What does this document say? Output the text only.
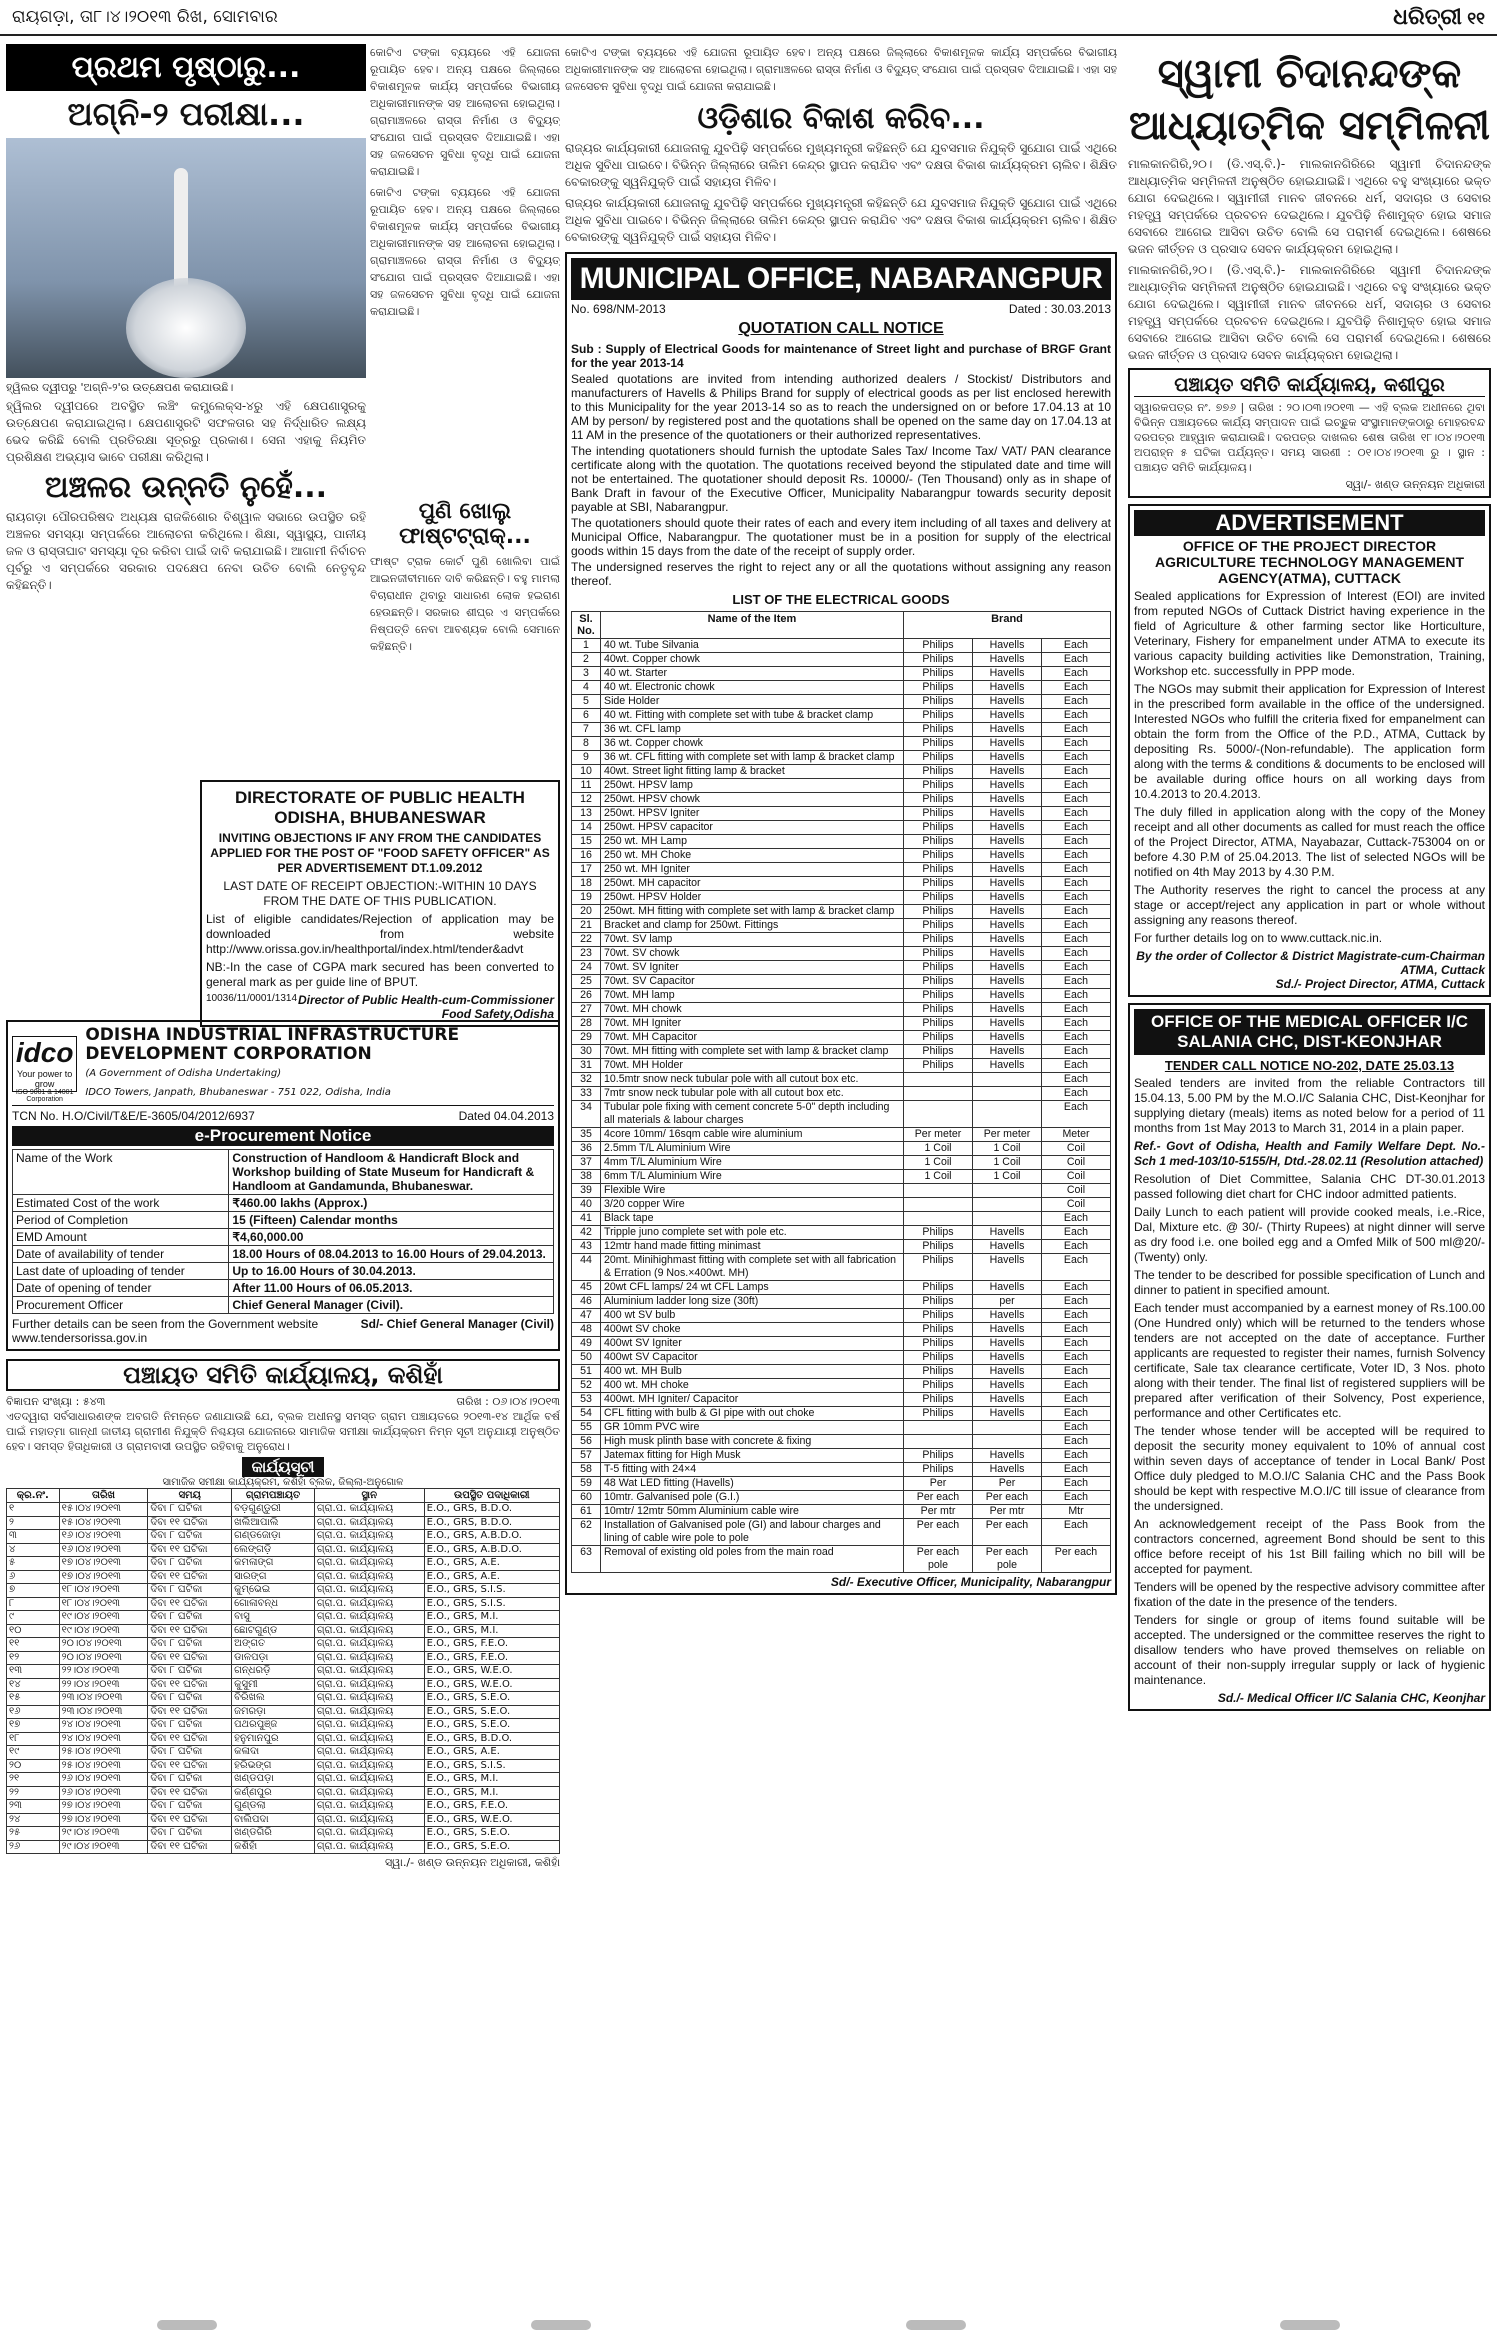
ରାୟଗଡ଼ା, ତା୮।୪।୨୦୧୩ ରିଖ, ସୋମବାର	ଧରିତ୍ରୀ ୧୧
ପ୍ରଥମ ପୃଷ୍ଠାରୁ...
ଅଗ୍ନି-୨ ପରୀକ୍ଷା...
ହ୍ୱିଲର ଦ୍ୱୀପରୁ 'ଅଗ୍ନି-୨'ର ଉତ୍କ୍ଷେପଣ କରାଯାଉଛି।

ହ୍ୱିଲର ଦ୍ୱୀପରେ ଅବସ୍ଥିତ ଲଞ୍ଚିଂ କମ୍ପ୍ଲେକ୍ସ-୪ରୁ ଏହି କ୍ଷେପଣାସ୍ତ୍ରକୁ ଉତ୍କ୍ଷେପଣ କରାଯାଇଥିଲା। କ୍ଷେପଣାସ୍ତ୍ରଟି ସଫଳତାର ସହ ନିର୍ଦ୍ଧାରିତ ଲକ୍ଷ୍ୟ ଭେଦ କରିଛି ବୋଲି ପ୍ରତିରକ୍ଷା ସୂତ୍ରରୁ ପ୍ରକାଶ। ସେନା ଏହାକୁ ନିୟମିତ ପ୍ରଶିକ୍ଷଣ ଅଭ୍ୟାସ ଭାବେ ପରୀକ୍ଷା କରିଥିଲା।

ଅଞ୍ଚଳର ଉନ୍ନତି ନୁହେଁ...

ରାୟଗଡ଼ା ପୌରପରିଷଦ ଅଧ୍ୟକ୍ଷ ରାଜକିଶୋର ବିଶ୍ୱାଳ ସଭାରେ ଉପସ୍ଥିତ ରହି ଅଞ୍ଚଳର ସମସ୍ୟା ସମ୍ପର୍କରେ ଆଲୋଚନା କରିଥିଲେ। ଶିକ୍ଷା, ସ୍ୱାସ୍ଥ୍ୟ, ପାନୀୟ ଜଳ ଓ ରାସ୍ତାଘାଟ ସମସ୍ୟା ଦୂର କରିବା ପାଇଁ ଦାବି କରାଯାଇଛି। ଆଗାମୀ ନିର୍ବାଚନ ପୂର୍ବରୁ ଏ ସମ୍ପର୍କରେ ସରକାର ପଦକ୍ଷେପ ନେବା ଉଚିତ ବୋଲି ନେତୃବୃନ୍ଦ କହିଛନ୍ତି।

କୋଟିଏ ଟଙ୍କା ବ୍ୟୟରେ ଏହି ଯୋଜନା ରୂପାୟିତ ହେବ। ଅନ୍ୟ ପକ୍ଷରେ ଜିଲ୍ଲାରେ ବିକାଶମୂଳକ କାର୍ଯ୍ୟ ସମ୍ପର୍କରେ ବିଭାଗୀୟ ଅଧିକାରୀମାନଙ୍କ ସହ ଆଲୋଚନା ହୋଇଥିଲା। ଗ୍ରାମାଞ୍ଚଳରେ ରାସ୍ତା ନିର୍ମାଣ ଓ ବିଦ୍ୟୁତ୍ ସଂଯୋଗ ପାଇଁ ପ୍ରସ୍ତାବ ଦିଆଯାଇଛି। ଏହା ସହ ଜଳସେଚନ ସୁବିଧା ବୃଦ୍ଧି ପାଇଁ ଯୋଜନା କରାଯାଇଛି।

କୋଟିଏ ଟଙ୍କା ବ୍ୟୟରେ ଏହି ଯୋଜନା ରୂପାୟିତ ହେବ। ଅନ୍ୟ ପକ୍ଷରେ ଜିଲ୍ଲାରେ ବିକାଶମୂଳକ କାର୍ଯ୍ୟ ସମ୍ପର୍କରେ ବିଭାଗୀୟ ଅଧିକାରୀମାନଙ୍କ ସହ ଆଲୋଚନା ହୋଇଥିଲା। ଗ୍ରାମାଞ୍ଚଳରେ ରାସ୍ତା ନିର୍ମାଣ ଓ ବିଦ୍ୟୁତ୍ ସଂଯୋଗ ପାଇଁ ପ୍ରସ୍ତାବ ଦିଆଯାଇଛି। ଏହା ସହ ଜଳସେଚନ ସୁବିଧା ବୃଦ୍ଧି ପାଇଁ ଯୋଜନା କରାଯାଇଛି।

ପୁଣି ଖୋଲୁ ଫାଷ୍ଟଟ୍ରାକ୍...

ଫାଷ୍ଟ ଟ୍ରାକ କୋର୍ଟ ପୁଣି ଖୋଲିବା ପାଇଁ ଆଇନଜୀବୀମାନେ ଦାବି କରିଛନ୍ତି। ବହୁ ମାମଲା ବିଚାରାଧୀନ ଥିବାରୁ ସାଧାରଣ ଲୋକ ହଇରାଣ ହେଉଛନ୍ତି। ସରକାର ଶୀଘ୍ର ଏ ସମ୍ପର୍କରେ ନିଷ୍ପତ୍ତି ନେବା ଆବଶ୍ୟକ ବୋଲି ସେମାନେ କହିଛନ୍ତି।

DIRECTORATE OF PUBLIC HEALTH ODISHA, BHUBANESWAR

INVITING OBJECTIONS IF ANY FROM THE CANDIDATES APPLIED FOR THE POST OF "FOOD SAFETY OFFICER" AS PER ADVERTISEMENT DT.1.09.2012

LAST DATE OF RECEIPT OBJECTION:-WITHIN 10 DAYS FROM THE DATE OF THIS PUBLICATION.

List of eligible candidates/Rejection of application may be downloaded from website http://www.orissa.gov.in/healthportal/index.html/tender&advt

NB:-In the case of CGPA mark secured has been converted to general mark as per guide line of BPUT.

10036/11/0001/1314 Director of Public Health-cum-Commissioner
Food Safety,Odisha
idco
Your power to grow
ISO 9001 & 14001 Corporation
ODISHA INDUSTRIAL INFRASTRUCTURE DEVELOPMENT CORPORATION
(A Government of Odisha Undertaking)
IDCO Towers, Janpath, Bhubaneswar - 751 022, Odisha, India
TCN No. H.O/Civil/T&E/E-3605/04/2012/6937	Dated 04.04.2013
e-Procurement Notice
Name of the Work	Construction of Handloom & Handicraft Block and Workshop building of State Museum for Handicraft & Handloom at Gandamunda, Bhubaneswar.
Estimated Cost of the work	₹460.00 lakhs (Approx.)
Period of Completion	15 (Fifteen) Calendar months
EMD Amount	₹4,60,000.00
Date of availability of tender	18.00 Hours of 08.04.2013 to 16.00 Hours of 29.04.2013.
Last date of uploading of tender	Up to 16.00 Hours of 30.04.2013.
Date of opening of tender	After 11.00 Hours of 06.05.2013.
Procurement Officer	Chief General Manager (Civil).
Further details can be seen from the Government website www.tendersorissa.gov.in
Sd/- Chief General Manager (Civil)
ପଞ୍ଚାୟତ ସମିତି କାର୍ଯ୍ୟାଳୟ, କଶିହାଁ
ବିଜ୍ଞାପନ ସଂଖ୍ୟା : ୫୪୩	ତାରିଖ : ୦୬।୦୪।୨୦୧୩

ଏତଦ୍ୱାରା ସର୍ବସାଧାରଣଙ୍କ ଅବଗତି ନିମନ୍ତେ ଜଣାଯାଉଛି ଯେ, ବ୍ଲକ ଅଧୀନସ୍ଥ ସମସ୍ତ ଗ୍ରାମ ପଞ୍ଚାୟତରେ ୨୦୧୩-୧୪ ଆର୍ଥିକ ବର୍ଷ ପାଇଁ ମହାତ୍ମା ଗାନ୍ଧୀ ଜାତୀୟ ଗ୍ରାମୀଣ ନିଯୁକ୍ତି ନିଶ୍ଚୟତା ଯୋଜନାରେ ସାମାଜିକ ସମୀକ୍ଷା କାର୍ଯ୍ୟକ୍ରମ ନିମ୍ନ ସୂଚୀ ଅନୁଯାୟୀ ଅନୁଷ୍ଠିତ ହେବ। ସମସ୍ତ ହିତାଧିକାରୀ ଓ ଗ୍ରାମବାସୀ ଉପସ୍ଥିତ ରହିବାକୁ ଅନୁରୋଧ।

କାର୍ଯ୍ୟସୂଚୀ
ସାମାଜିକ ସମୀକ୍ଷା କାର୍ଯ୍ୟକ୍ରମ, କଶିହାଁ ବ୍ଲକ, ଜିଲ୍ଲା-ଅନୁଗୋଳ
କ୍ର.ନଂ.	ତାରିଖ	ସମୟ	ଗ୍ରାମପଞ୍ଚାୟତ	ସ୍ଥାନ	ଉପସ୍ଥିତ ପଦାଧିକାରୀ
୧	୧୫।୦୪।୨୦୧୩	ଦିବା ୮ ଘଟିକା	ବଡ଼ଗୁଣ୍ଡୁରୀ	ଗ୍ରା.ପ. କାର୍ଯ୍ୟାଳୟ	E.O., GRS, B.D.O.
୨	୧୫।୦୪।୨୦୧୩	ଦିବା ୧୧ ଘଟିକା	ଖଲିଆପାଲି	ଗ୍ରା.ପ. କାର୍ଯ୍ୟାଳୟ	E.O., GRS, B.D.O.
୩	୧୬।୦୪।୨୦୧୩	ଦିବା ୮ ଘଟିକା	ଗଣ୍ଡଜୋଡ଼ା	ଗ୍ରା.ପ. କାର୍ଯ୍ୟାଳୟ	E.O., GRS, A.B.D.O.
୪	୧୬।୦୪।୨୦୧୩	ଦିବା ୧୧ ଘଟିକା	ଲେଙ୍ଗଡ଼ି	ଗ୍ରା.ପ. କାର୍ଯ୍ୟାଳୟ	E.O., GRS, A.B.D.O.
୫	୧୭।୦୪।୨୦୧୩	ଦିବା ୮ ଘଟିକା	କମଳାଙ୍ଗ	ଗ୍ରା.ପ. କାର୍ଯ୍ୟାଳୟ	E.O., GRS, A.E.
୬	୧୭।୦୪।୨୦୧୩	ଦିବା ୧୧ ଘଟିକା	ସାରଙ୍ଗ	ଗ୍ରା.ପ. କାର୍ଯ୍ୟାଳୟ	E.O., GRS, A.E.
୭	୧୮।୦୪।୨୦୧୩	ଦିବା ୮ ଘଟିକା	କୁମ୍ଭେଇ	ଗ୍ରା.ପ. କାର୍ଯ୍ୟାଳୟ	E.O., GRS, S.I.S.
୮	୧୮।୦୪।୨୦୧୩	ଦିବା ୧୧ ଘଟିକା	ଗୋଳାବନ୍ଧ	ଗ୍ରା.ପ. କାର୍ଯ୍ୟାଳୟ	E.O., GRS, S.I.S.
୯	୧୯।୦୪।୨୦୧୩	ଦିବା ୮ ଘଟିକା	ବାସୁ	ଗ୍ରା.ପ. କାର୍ଯ୍ୟାଳୟ	E.O., GRS, M.I.
୧୦	୧୯।୦୪।୨୦୧୩	ଦିବା ୧୧ ଘଟିକା	ଛୋଟଗୁଣ୍ଡ	ଗ୍ରା.ପ. କାର୍ଯ୍ୟାଳୟ	E.O., GRS, M.I.
୧୧	୨୦।୦୪।୨୦୧୩	ଦିବା ୮ ଘଟିକା	ଅଙ୍ଗତ	ଗ୍ରା.ପ. କାର୍ଯ୍ୟାଳୟ	E.O., GRS, F.E.O.
୧୨	୨୦।୦୪।୨୦୧୩	ଦିବା ୧୧ ଘଟିକା	ଡାଳପଡ଼ା	ଗ୍ରା.ପ. କାର୍ଯ୍ୟାଳୟ	E.O., GRS, F.E.O.
୧୩	୨୨।୦୪।୨୦୧୩	ଦିବା ୮ ଘଟିକା	ଗନ୍ଧରଡ଼ି	ଗ୍ରା.ପ. କାର୍ଯ୍ୟାଳୟ	E.O., GRS, W.E.O.
୧୪	୨୨।୦୪।୨୦୧୩	ଦିବା ୧୧ ଘଟିକା	କୁସୁମୀ	ଗ୍ରା.ପ. କାର୍ଯ୍ୟାଳୟ	E.O., GRS, W.E.O.
୧୫	୨୩।୦୪।୨୦୧୩	ଦିବା ୮ ଘଟିକା	ବିରିଖଲ	ଗ୍ରା.ପ. କାର୍ଯ୍ୟାଳୟ	E.O., GRS, S.E.O.
୧୬	୨୩।୦୪।୨୦୧୩	ଦିବା ୧୧ ଘଟିକା	ଜମରଡ଼ା	ଗ୍ରା.ପ. କାର୍ଯ୍ୟାଳୟ	E.O., GRS, S.E.O.
୧୭	୨୪।୦୪।୨୦୧୩	ଦିବା ୮ ଘଟିକା	ପଥରପୁଞ୍ଜ	ଗ୍ରା.ପ. କାର୍ଯ୍ୟାଳୟ	E.O., GRS, S.E.O.
୧୮	୨୪।୦୪।୨୦୧୩	ଦିବା ୧୧ ଘଟିକା	ହନୁମାନପୁର	ଗ୍ରା.ପ. କାର୍ଯ୍ୟାଳୟ	E.O., GRS, B.D.O.
୧୯	୨୫।୦୪।୨୦୧୩	ଦିବା ୮ ଘଟିକା	କଳାଦା	ଗ୍ରା.ପ. କାର୍ଯ୍ୟାଳୟ	E.O., GRS, A.E.
୨୦	୨୫।୦୪।୨୦୧୩	ଦିବା ୧୧ ଘଟିକା	ହରିଭଙ୍ଗ	ଗ୍ରା.ପ. କାର୍ଯ୍ୟାଳୟ	E.O., GRS, S.I.S.
୨୧	୨୬।୦୪।୨୦୧୩	ଦିବା ୮ ଘଟିକା	ଖଣ୍ଡପଡ଼ା	ଗ୍ରା.ପ. କାର୍ଯ୍ୟାଳୟ	E.O., GRS, M.I.
୨୨	୨୬।୦୪।୨୦୧୩	ଦିବା ୧୧ ଘଟିକା	କର୍ଣ୍ଣପୁର	ଗ୍ରା.ପ. କାର୍ଯ୍ୟାଳୟ	E.O., GRS, M.I.
୨୩	୨୭।୦୪।୨୦୧୩	ଦିବା ୮ ଘଟିକା	ଗୁଣ୍ଡଲା	ଗ୍ରା.ପ. କାର୍ଯ୍ୟାଳୟ	E.O., GRS, F.E.O.
୨୪	୨୭।୦୪।୨୦୧୩	ଦିବା ୧୧ ଘଟିକା	ବାଲିପଦା	ଗ୍ରା.ପ. କାର୍ଯ୍ୟାଳୟ	E.O., GRS, W.E.O.
୨୫	୨୯।୦୪।୨୦୧୩	ଦିବା ୮ ଘଟିକା	ଖଣ୍ଡଗିରି	ଗ୍ରା.ପ. କାର୍ଯ୍ୟାଳୟ	E.O., GRS, S.E.O.
୨୬	୨୯।୦୪।୨୦୧୩	ଦିବା ୧୧ ଘଟିକା	କଶିହାଁ	ଗ୍ରା.ପ. କାର୍ଯ୍ୟାଳୟ	E.O., GRS, S.E.O.
ସ୍ୱା./- ଖଣ୍ଡ ଉନ୍ନୟନ ଅଧିକାରୀ, କଶିହାଁ

କୋଟିଏ ଟଙ୍କା ବ୍ୟୟରେ ଏହି ଯୋଜନା ରୂପାୟିତ ହେବ। ଅନ୍ୟ ପକ୍ଷରେ ଜିଲ୍ଲାରେ ବିକାଶମୂଳକ କାର୍ଯ୍ୟ ସମ୍ପର୍କରେ ବିଭାଗୀୟ ଅଧିକାରୀମାନଙ୍କ ସହ ଆଲୋଚନା ହୋଇଥିଲା। ଗ୍ରାମାଞ୍ଚଳରେ ରାସ୍ତା ନିର୍ମାଣ ଓ ବିଦ୍ୟୁତ୍ ସଂଯୋଗ ପାଇଁ ପ୍ରସ୍ତାବ ଦିଆଯାଇଛି। ଏହା ସହ ଜଳସେଚନ ସୁବିଧା ବୃଦ୍ଧି ପାଇଁ ଯୋଜନା କରାଯାଇଛି।

ଓଡ଼ିଶାର ବିକାଶ କରିବ...

ରାଜ୍ୟର କାର୍ଯ୍ୟକାରୀ ଯୋଜନାକୁ ଯୁବପିଢ଼ି ସମ୍ପର୍କରେ ମୁଖ୍ୟମନ୍ତ୍ରୀ କହିଛନ୍ତି ଯେ ଯୁବସମାଜ ନିଯୁକ୍ତି ସୁଯୋଗ ପାଇଁ ଏଥିରେ ଅଧିକ ସୁବିଧା ପାଇବେ। ବିଭିନ୍ନ ଜିଲ୍ଲାରେ ତାଲିମ କେନ୍ଦ୍ର ସ୍ଥାପନ କରାଯିବ ଏବଂ ଦକ୍ଷତା ବିକାଶ କାର୍ଯ୍ୟକ୍ରମ ଚାଲିବ। ଶିକ୍ଷିତ ବେକାରଙ୍କୁ ସ୍ୱନିଯୁକ୍ତି ପାଇଁ ସହାୟତା ମିଳିବ।

ରାଜ୍ୟର କାର୍ଯ୍ୟକାରୀ ଯୋଜନାକୁ ଯୁବପିଢ଼ି ସମ୍ପର୍କରେ ମୁଖ୍ୟମନ୍ତ୍ରୀ କହିଛନ୍ତି ଯେ ଯୁବସମାଜ ନିଯୁକ୍ତି ସୁଯୋଗ ପାଇଁ ଏଥିରେ ଅଧିକ ସୁବିଧା ପାଇବେ। ବିଭିନ୍ନ ଜିଲ୍ଲାରେ ତାଲିମ କେନ୍ଦ୍ର ସ୍ଥାପନ କରାଯିବ ଏବଂ ଦକ୍ଷତା ବିକାଶ କାର୍ଯ୍ୟକ୍ରମ ଚାଲିବ। ଶିକ୍ଷିତ ବେକାରଙ୍କୁ ସ୍ୱନିଯୁକ୍ତି ପାଇଁ ସହାୟତା ମିଳିବ।

MUNICIPAL OFFICE, NABARANGPUR
No. 698/NM-2013	Dated : 30.03.2013
QUOTATION CALL NOTICE

Sub : Supply of Electrical Goods for maintenance of Street light and purchase of BRGF Grant for the year 2013-14

Sealed quotations are invited from intending authorized dealers / Stockist/ Distributors and manufacturers of Havells & Philips Brand for supply of electrical goods as per list enclosed herewith to this Municipality for the year 2013-14 so as to reach the undersigned on or before 17.04.13 at 10 AM by person/ by registered post and the quotations shall be opened on the same day on 17.04.13 at 11 AM in the presence of the quotationers or their authorized representatives.

The intending quotationers should furnish the uptodate Sales Tax/ Income Tax/ VAT/ PAN clearance certificate along with the quotation. The quotations received beyond the stipulated date and time will not be entertained. The quotationer should deposit Rs. 10000/- (Ten Thousand) only as in shape of Bank Draft in favour of the Executive Officer, Municipality Nabarangpur towards security deposit payable at SBI, Nabarangpur.

The quotationers should quote their rates of each and every item including of all taxes and delivery at Municipal Office, Nabarangpur. The quotationer must be in a position for supply of the electrical goods within 15 days from the date of the receipt of supply order.

The undersigned reserves the right to reject any or all the quotations without assigning any reason thereof.

LIST OF THE ELECTRICAL GOODS
Sl. No.	Name of the Item	Brand		
1	40 wt. Tube Silvania	Philips	Havells	Each
2	40wt. Copper chowk	Philips	Havells	Each
3	40 wt. Starter	Philips	Havells	Each
4	40 wt. Electronic chowk	Philips	Havells	Each
5	Side Holder	Philips	Havells	Each
6	40 wt. Fitting with complete set with tube & bracket clamp	Philips	Havells	Each
7	36 wt. CFL lamp	Philips	Havells	Each
8	36 wt. Copper chowk	Philips	Havells	Each
9	36 wt. CFL fitting with complete set with lamp & bracket clamp	Philips	Havells	Each
10	40wt. Street light fitting lamp & bracket	Philips	Havells	Each
11	250wt. HPSV lamp	Philips	Havells	Each
12	250wt. HPSV chowk	Philips	Havells	Each
13	250wt. HPSV Igniter	Philips	Havells	Each
14	250wt. HPSV capacitor	Philips	Havells	Each
15	250 wt. MH Lamp	Philips	Havells	Each
16	250 wt. MH Choke	Philips	Havells	Each
17	250 wt. MH Igniter	Philips	Havells	Each
18	250wt. MH capacitor	Philips	Havells	Each
19	250wt. HPSV Holder	Philips	Havells	Each
20	250wt. MH fitting with complete set with lamp & bracket clamp	Philips	Havells	Each
21	Bracket and clamp for 250wt. Fittings	Philips	Havells	Each
22	70wt. SV lamp	Philips	Havells	Each
23	70wt. SV chowk	Philips	Havells	Each
24	70wt. SV Igniter	Philips	Havells	Each
25	70wt. SV Capacitor	Philips	Havells	Each
26	70wt. MH lamp	Philips	Havells	Each
27	70wt. MH chowk	Philips	Havells	Each
28	70wt. MH Igniter	Philips	Havells	Each
29	70wt. MH Capacitor	Philips	Havells	Each
30	70wt. MH fitting with complete set with lamp & bracket clamp	Philips	Havells	Each
31	70wt. MH Holder	Philips	Havells	Each
32	10.5mtr snow neck tubular pole with all cutout box etc.			Each
33	7mtr snow neck tubular pole with all cutout box etc.			Each
34	Tubular pole fixing with cement concrete 5-0" depth including all materials & labour charges			Each
35	4core 10mm/ 16sqm cable wire aluminium	Per meter	Per meter	Meter
36	2.5mm T/L Aluminium Wire	1 Coil	1 Coil	Coil
37	4mm T/L Aluminium Wire	1 Coil	1 Coil	Coil
38	6mm T/L Aluminium Wire	1 Coil	1 Coil	Coil
39	Flexible Wire			Coil
40	3/20 copper Wire			Coil
41	Black tape			Each
42	Tripple juno complete set with pole etc.	Philips	Havells	Each
43	12mtr hand made fitting minimast	Philips	Havells	Each
44	20mt. Minihighmast fitting with complete set with all fabrication & Erration (9 Nos.×400wt. MH)	Philips	Havells	Each
45	20wt CFL lamps/ 24 wt CFL Lamps	Philips	Havells	Each
46	Aluminium ladder long size (30ft)	Philips	per	Each
47	400 wt SV bulb	Philips	Havells	Each
48	400wt SV choke	Philips	Havells	Each
49	400wt SV Igniter	Philips	Havells	Each
50	400wt SV Capacitor	Philips	Havells	Each
51	400 wt. MH Bulb	Philips	Havells	Each
52	400 wt. MH choke	Philips	Havells	Each
53	400wt. MH Igniter/ Capacitor	Philips	Havells	Each
54	CFL fitting with bulb & GI pipe with out choke	Philips	Havells	Each
55	GR 10mm PVC wire			Each
56	High musk plinth base with concrete & fixing			Each
57	Jatemax fitting for High Musk	Philips	Havells	Each
58	T-5 fitting with 24×4	Philips	Havells	Each
59	48 Wat LED fitting (Havells)	Per	Per	Each
60	10mtr. Galvanised pole (G.I.)	Per each	Per each	Each
61	10mtr/ 12mtr 50mm Aluminium cable wire	Per mtr	Per mtr	Mtr
62	Installation of Galvanised pole (GI) and labour charges and lining of cable wire pole to pole	Per each	Per each	Each
63	Removal of existing old poles from the main road	Per each pole	Per each pole	Per each
Sd/- Executive Officer, Municipality, Nabarangpur
ସ୍ୱାମୀ ଚିଦାନନ୍ଦଙ୍କ ଆଧ୍ୟାତ୍ମିକ ସମ୍ମିଳନୀ

ମାଲକାନଗିରି,୨୦। (ଡି.ଏସ୍.ବି.)- ମାଲକାନଗିରିରେ ସ୍ୱାମୀ ଚିଦାନନ୍ଦଙ୍କ ଆଧ୍ୟାତ୍ମିକ ସମ୍ମିଳନୀ ଅନୁଷ୍ଠିତ ହୋଇଯାଇଛି। ଏଥିରେ ବହୁ ସଂଖ୍ୟାରେ ଭକ୍ତ ଯୋଗ ଦେଇଥିଲେ। ସ୍ୱାମୀଜୀ ମାନବ ଜୀବନରେ ଧର୍ମ, ସଦାଚାର ଓ ସେବାର ମହତ୍ତ୍ୱ ସମ୍ପର୍କରେ ପ୍ରବଚନ ଦେଇଥିଲେ। ଯୁବପିଢ଼ି ନିଶାମୁକ୍ତ ହୋଇ ସମାଜ ସେବାରେ ଆଗେଇ ଆସିବା ଉଚିତ ବୋଲି ସେ ପରାମର୍ଶ ଦେଇଥିଲେ। ଶେଷରେ ଭଜନ କୀର୍ତ୍ତନ ଓ ପ୍ରସାଦ ସେବନ କାର୍ଯ୍ୟକ୍ରମ ହୋଇଥିଲା।

ମାଲକାନଗିରି,୨୦। (ଡି.ଏସ୍.ବି.)- ମାଲକାନଗିରିରେ ସ୍ୱାମୀ ଚିଦାନନ୍ଦଙ୍କ ଆଧ୍ୟାତ୍ମିକ ସମ୍ମିଳନୀ ଅନୁଷ୍ଠିତ ହୋଇଯାଇଛି। ଏଥିରେ ବହୁ ସଂଖ୍ୟାରେ ଭକ୍ତ ଯୋଗ ଦେଇଥିଲେ। ସ୍ୱାମୀଜୀ ମାନବ ଜୀବନରେ ଧର୍ମ, ସଦାଚାର ଓ ସେବାର ମହତ୍ତ୍ୱ ସମ୍ପର୍କରେ ପ୍ରବଚନ ଦେଇଥିଲେ। ଯୁବପିଢ଼ି ନିଶାମୁକ୍ତ ହୋଇ ସମାଜ ସେବାରେ ଆଗେଇ ଆସିବା ଉଚିତ ବୋଲି ସେ ପରାମର୍ଶ ଦେଇଥିଲେ। ଶେଷରେ ଭଜନ କୀର୍ତ୍ତନ ଓ ପ୍ରସାଦ ସେବନ କାର୍ଯ୍ୟକ୍ରମ ହୋଇଥିଲା।

ପଞ୍ଚାୟତ ସମିତି କାର୍ଯ୍ୟାଳୟ, କଶୀପୁର

ସ୍ୱାରକପତ୍ର ନଂ. ୭୭୬ | ତାରିଖ : ୨୦।୦୩।୨୦୧୩ — ଏହି ବ୍ଲକ ଅଧୀନରେ ଥିବା ବିଭିନ୍ନ ପଞ୍ଚାୟତରେ କାର୍ଯ୍ୟ ସମ୍ପାଦନ ପାଇଁ ଇଚ୍ଛୁକ ସଂସ୍ଥାମାନଙ୍କଠାରୁ ମୋହରବନ୍ଦ ଦରପତ୍ର ଆହ୍ୱାନ କରାଯାଉଛି। ଦରପତ୍ର ଦାଖଲର ଶେଷ ତାରିଖ ୧୮।୦୪।୨୦୧୩ ଅପରାହ୍ନ ୫ ଘଟିକା ପର୍ଯ୍ୟନ୍ତ। ସମୟ ସାରଣୀ : ୦୧।୦୪।୨୦୧୩ ରୁ । ସ୍ଥାନ : ପଞ୍ଚାୟତ ସମିତି କାର୍ଯ୍ୟାଳୟ।

ସ୍ୱା/- ଖଣ୍ଡ ଉନ୍ନୟନ ଅଧିକାରୀ
ADVERTISEMENT
OFFICE OF THE PROJECT DIRECTOR AGRICULTURE TECHNOLOGY MANAGEMENT AGENCY(ATMA), CUTTACK

Sealed applications for Expression of Interest (EOI) are invited from reputed NGOs of Cuttack District having experience in the field of Agriculture & other farming sector like Horticulture, Veterinary, Fishery for empanelment under ATMA to execute its various capacity building activities like Demonstration, Training, Workshop etc. successfully in PPP mode.

The NGOs may submit their application for Expression of Interest in the prescribed form available in the office of the undersigned. Interested NGOs who fulfill the criteria fixed for empanelment can obtain the form from the Office of the P.D., ATMA, Cuttack by depositing Rs. 5000/-(Non-refundable). The application form along with the terms & conditions & documents to be enclosed will be available during office hours on all working days from 10.4.2013 to 20.4.2013.

The duly filled in application along with the copy of the Money receipt and all other documents as called for must reach the office of the Project Director, ATMA, Nayabazar, Cuttack-753004 on or before 4.30 P.M of 25.04.2013. The list of selected NGOs will be notified on 4th May 2013 by 4.30 P.M.

The Authority reserves the right to cancel the process at any stage or accept/reject any application in part or whole without assigning any reasons thereof.

For further details log on to www.cuttack.nic.in.

By the order of Collector & District Magistrate-cum-Chairman ATMA, Cuttack
Sd./- Project Director, ATMA, Cuttack
OFFICE OF THE MEDICAL OFFICER I/C SALANIA CHC, DIST-KEONJHAR
TENDER CALL NOTICE NO-202, DATE 25.03.13

Sealed tenders are invited from the reliable Contractors till 15.04.13, 5.00 PM by the M.O.I/C Salania CHC, Dist-Keonjhar for supplying dietary (meals) items as noted below for a period of 11 months from 1st May 2013 to March 31, 2014 in a plain paper.

Ref.- Govt of Odisha, Health and Family Welfare Dept. No.-Sch 1 med-103/10-5155/H, Dtd.-28.02.11 (Resolution attached)

Resolution of Diet Committee, Salania CHC DT-30.01.2013 passed following diet chart for CHC indoor admitted patients.

Daily Lunch to each patient will provide cooked meals, i.e.-Rice, Dal, Mixture etc. @ 30/- (Thirty Rupees) at night dinner will serve as dry food i.e. one boiled egg and a Omfed Milk of 500 ml@20/- (Twenty) only.

The tender to be described for possible specification of Lunch and dinner to patient in specified amount.

Each tender must accompanied by a earnest money of Rs.100.00 (One Hundred only) which will be returned to the tenders whose tenders are not accepted on the date of acceptance. Further applicants are requested to register their names, furnish Solvency certificate, Sale tax clearance certificate, Voter ID, 3 Nos. photo along with their tender. The final list of registered suppliers will be prepared after verification of their Solvency, Post experience, performance and other Certificates etc.

The tender whose tender will be accepted will be required to deposit the security money equivalent to 10% of annual cost within seven days of acceptance of tender in Local Bank/ Post Office duly pledged to M.O.I/C Salania CHC and the Pass Book should be kept with respective M.O.I/C till issue of clearance from the undersigned.

An acknowledgement receipt of the Pass Book from the contractors concerned, agreement Bond should be sent to this office before receipt of his 1st Bill failing which no bill will be accepted for payment.

Tenders will be opened by the respective advisory committee after fixation of the date in the presence of the tenders.

Tenders for single or group of items found suitable will be accepted. The undersigned or the committee reserves the right to disallow tenders who have proved themselves on reliable on account of their non-supply irregular supply or lack of hygienic maintenance.

Sd./- Medical Officer I/C Salania CHC, Keonjhar
